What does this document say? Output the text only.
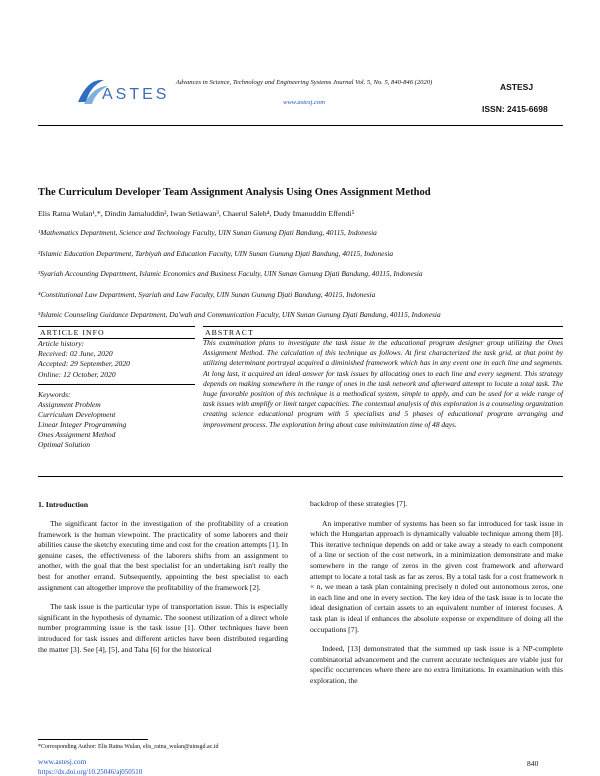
ASTES
Advances in Science, Technology and Engineering Systems Journal Vol. 5, No. 5, 840-846 (2020)
www.astesj.com
ASTESJ
ISSN: 2415-6698
The Curriculum Developer Team Assignment Analysis Using Ones Assignment Method
Elis Ratna Wulan¹,*, Dindin Jamaluddin², Iwan Setiawan³, Chaerul Saleh⁴, Dudy Imanuddin Effendi⁵
¹Mathematics Department, Science and Technology Faculty, UIN Sunan Gunung Djati Bandung, 40115, Indonesia
²Islamic Education Department, Tarbiyah and Education Faculty, UIN Sunan Gunung Djati Bandung, 40115, Indonesia
³Syariah Accounting Department, Islamic Economics and Business Faculty, UIN Sunan Gunung Djati Bandung, 40115, Indonesia
⁴Constitutional Law Department, Syariah and Law Faculty, UIN Sunan Gunung Djati Bandung, 40115, Indonesia
⁵Islamic Counseling Guidance Department, Da'wah and Communication Faculty, UIN Sunan Gunung Djati Bandung, 40115, Indonesia
ARTICLE INFO	ABSTRACT
Article history:
Received: 02 June, 2020
Accepted: 29 September, 2020
Online: 12 October, 2020
Keywords:
Assignment Problem
Curriculum Development
Linear Integer Programming
Ones Assignment Method
Optimal Solution
This examination plans to investigate the task issue in the educational program designer group utilizing the Ones Assignment Method. The calculation of this technique as follows. At first characterized the task grid, at that point by utilizing determinant portrayal acquired a diminished framework which has in any event one in each line and segments. At long last, it acquired an ideal answer for task issues by allocating ones to each line and every segment. This strategy depends on making somewhere in the range of ones in the task network and afterward attempt to locate a total task. The huge favorable position of this technique is a methodical system, simple to apply, and can be used for a wide range of task issues with amplify or limit target capacities. The contextual analysis of this exploration is a counseling organization creating science educational program with 5 specialists and 5 phases of educational program arranging and improvement process. The exploration bring about case minimization time of 48 days.
1. Introduction

The significant factor in the investigation of the profitability of a creation framework is the human viewpoint. The practicality of some laborers and their abilities cause the sketchy executing time and cost for the creation attempts [1]. In genuine cases, the effectiveness of the laborers shifts from an assignment to another, with the goal that the best specialist for an undertaking isn't really the best for another errand. Subsequently, appointing the best specialist to each assignment can altogether improve the profitability of the framework [2].

The task issue is the particular type of transportation issue. This is especially significant in the hypothesis of dynamic. The soonest utilization of a direct whole number programming issue is the task issue [1]. Other techniques have been introduced for task issues and different articles have been distributed regarding the matter [3]. See [4], [5], and Taha [6] for the historical

backdrop of these strategies [7].

An imperative number of systems has been so far introduced for task issue in which the Hungarian approach is dynamically valuable technique among them [8]. This iterative technique depends on add or take away a steady to each component of a line or section of the cost network, in a minimization demonstrate and make somewhere in the range of zeros in the given cost framework and afterward attempt to locate a total task as far as zeros. By a total task for a cost framework n × n, we mean a task plan containing precisely n doled out autonomous zeros, one in each line and one in every section. The key idea of the task issue is to locate the ideal designation of certain assets to an equivalent number of interest focuses. A task plan is ideal if enhances the absolute expense or expenditure of doing all the occupations [7].

Indeed, [13] demonstrated that the summed up task issue is a NP-complete combinatorial advancement and the current accurate techniques are viable just for specific occurrences where there are no extra limitations. In examination with this exploration, the

*Corresponding Author: Elis Ratna Wulan, elis_ratna_wulan@uinsgd.ac.id
www.astesj.com
https://dx.doi.org/10.25046/aj050510
840
